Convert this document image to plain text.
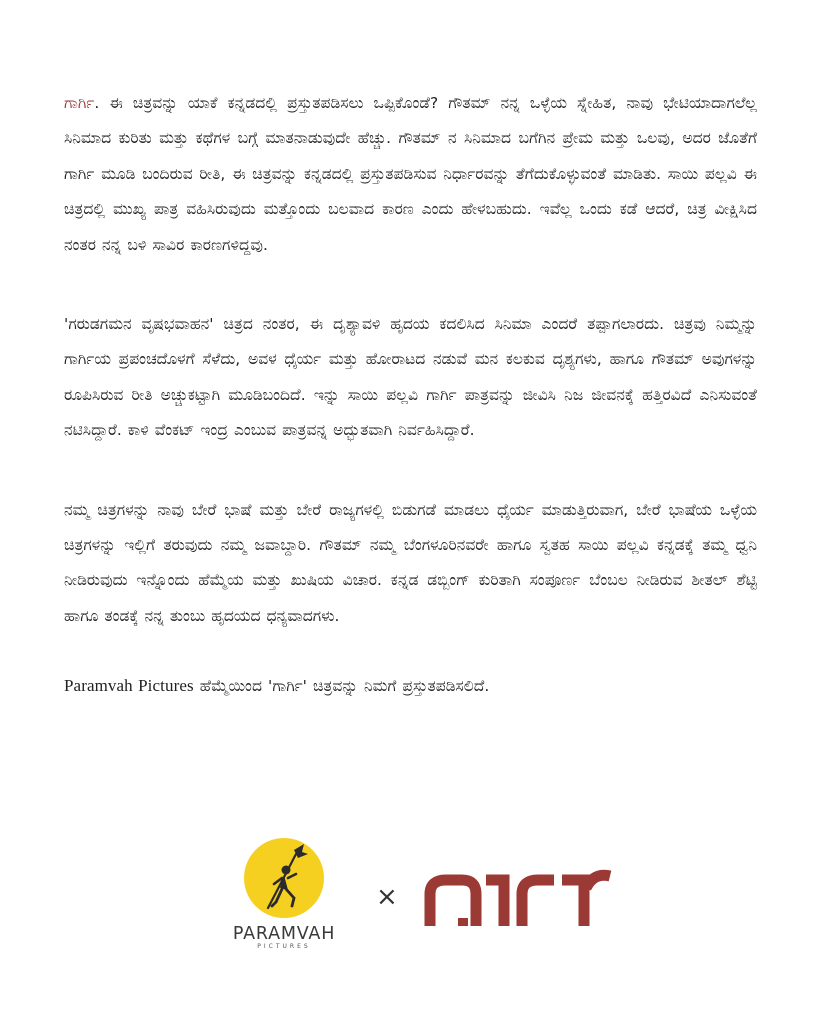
ಗಾರ್ಗಿ. ಈ ಚಿತ್ರವನ್ನು ಯಾಕೆ ಕನ್ನಡದಲ್ಲಿ ಪ್ರಸ್ತುತಪಡಿಸಲು ಒಪ್ಪಿಕೊಂಡೆ? ಗೌತಮ್ ನನ್ನ ಒಳ್ಳೆಯ ಸ್ನೇಹಿತ, ನಾವು ಭೇಟಿಯಾದಾಗಲೆಲ್ಲ ಸಿನಿಮಾದ ಕುರಿತು ಮತ್ತು ಕಥೆಗಳ ಬಗ್ಗೆ ಮಾತನಾಡುವುದೇ ಹೆಚ್ಚು. ಗೌತಮ್ ನ ಸಿನಿಮಾದ ಬಗೆಗಿನ ಪ್ರೇಮ ಮತ್ತು ಒಲವು, ಅದರ ಜೊತೆಗೆ ಗಾರ್ಗಿ ಮೂಡಿ ಬಂದಿರುವ ರೀತಿ, ಈ ಚಿತ್ರವನ್ನು ಕನ್ನಡದಲ್ಲಿ ಪ್ರಸ್ತುತಪಡಿಸುವ ನಿರ್ಧಾರವನ್ನು ತೆಗೆದುಕೊಳ್ಳುವಂತೆ ಮಾಡಿತು. ಸಾಯಿ ಪಲ್ಲವಿ ಈ ಚಿತ್ರದಲ್ಲಿ ಮುಖ್ಯ ಪಾತ್ರ ವಹಿಸಿರುವುದು ಮತ್ತೊಂದು ಬಲವಾದ ಕಾರಣ ಎಂದು ಹೇಳಬಹುದು. ಇವೆಲ್ಲ ಒಂದು ಕಡೆ ಆದರೆ, ಚಿತ್ರ ವೀಕ್ಷಿಸಿದ ನಂತರ ನನ್ನ ಬಳಿ ಸಾವಿರ ಕಾರಣಗಳಿದ್ದವು.

'ಗರುಡಗಮನ ವೃಷಭವಾಹನ' ಚಿತ್ರದ ನಂತರ, ಈ ದೃಶ್ಯಾವಳಿ ಹೃದಯ ಕದಲಿಸಿದ ಸಿನಿಮಾ ಎಂದರೆ ತಪ್ಪಾಗಲಾರದು. ಚಿತ್ರವು ನಿಮ್ಮನ್ನು ಗಾರ್ಗಿಯ ಪ್ರಪಂಚದೊಳಗೆ ಸೆಳೆದು, ಅವಳ ಧೈರ್ಯ ಮತ್ತು ಹೋರಾಟದ ನಡುವೆ ಮನ ಕಲಕುವ ದೃಶ್ಯಗಳು, ಹಾಗೂ ಗೌತಮ್ ಅವುಗಳನ್ನು ರೂಪಿಸಿರುವ ರೀತಿ ಅಚ್ಚುಕಟ್ಟಾಗಿ ಮೂಡಿಬಂದಿದೆ. ಇನ್ನು ಸಾಯಿ ಪಲ್ಲವಿ ಗಾರ್ಗಿ ಪಾತ್ರವನ್ನು ಜೀವಿಸಿ ನಿಜ ಜೀವನಕ್ಕೆ ಹತ್ತಿರವಿದೆ ಎನಿಸುವಂತೆ ನಟಿಸಿದ್ದಾರೆ. ಕಾಳಿ ವೆಂಕಟ್ ಇಂದ್ರ ಎಂಬುವ ಪಾತ್ರವನ್ನ ಅದ್ಭುತವಾಗಿ ನಿರ್ವಹಿಸಿದ್ದಾರೆ.

ನಮ್ಮ ಚಿತ್ರಗಳನ್ನು ನಾವು ಬೇರೆ ಭಾಷೆ ಮತ್ತು ಬೇರೆ ರಾಜ್ಯಗಳಲ್ಲಿ ಬಿಡುಗಡೆ ಮಾಡಲು ಧೈರ್ಯ ಮಾಡುತ್ತಿರುವಾಗ, ಬೇರೆ ಭಾಷೆಯ ಒಳ್ಳೆಯ ಚಿತ್ರಗಳನ್ನು ಇಲ್ಲಿಗೆ ತರುವುದು ನಮ್ಮ ಜವಾಬ್ದಾರಿ. ಗೌತಮ್ ನಮ್ಮ ಬೆಂಗಳೂರಿನವರೇ ಹಾಗೂ ಸ್ವತಹ ಸಾಯಿ ಪಲ್ಲವಿ ಕನ್ನಡಕ್ಕೆ ತಮ್ಮ ಧ್ವನಿ ನೀಡಿರುವುದು ಇನ್ನೊಂದು ಹೆಮ್ಮೆಯ ಮತ್ತು ಖುಷಿಯ ವಿಚಾರ. ಕನ್ನಡ ಡಬ್ಬಿಂಗ್ ಕುರಿತಾಗಿ ಸಂಪೂರ್ಣ ಬೆಂಬಲ ನೀಡಿರುವ ಶೀತಲ್ ಶೆಟ್ಟಿ ಹಾಗೂ ತಂಡಕ್ಕೆ ನನ್ನ ತುಂಬು ಹೃದಯದ ಧನ್ಯವಾದಗಳು.

Paramvah Pictures ಹೆಮ್ಮೆಯಿಂದ 'ಗಾರ್ಗಿ' ಚಿತ್ರವನ್ನು ನಿಮಗೆ ಪ್ರಸ್ತುತಪಡಿಸಲಿದೆ.

PARAMVAH
PICTURES
×
